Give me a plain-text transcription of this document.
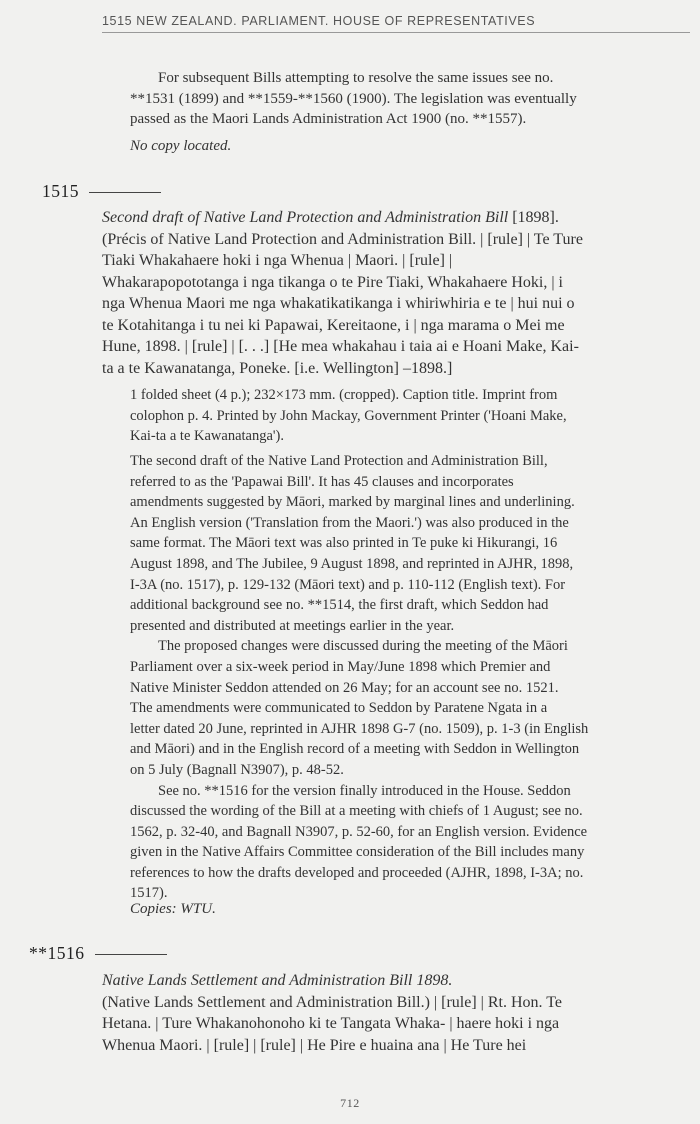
1515 NEW ZEALAND. PARLIAMENT. HOUSE OF REPRESENTATIVES
For subsequent Bills attempting to resolve the same issues see no.
**1531 (1899) and **1559-**1560 (1900). The legislation was eventually
passed as the Maori Lands Administration Act 1900 (no. **1557).
No copy located.
1515
Second draft of Native Land Protection and Administration Bill [1898].
(Précis of Native Land Protection and Administration Bill. | [rule] | Te Ture
Tiaki Whakahaere hoki i nga Whenua | Maori. | [rule] |
Whakarapopototanga i nga tikanga o te Pire Tiaki, Whakahaere Hoki, | i
nga Whenua Maori me nga whakatikatikanga i whiriwhiria e te | hui nui o
te Kotahitanga i tu nei ki Papawai, Kereitaone, i | nga marama o Mei me
Hune, 1898. | [rule] | [. . .] [He mea whakahau i taia ai e Hoani Make, Kai-
ta a te Kawanatanga, Poneke. [i.e. Wellington] –1898.]

1 folded sheet (4 p.); 232×173 mm. (cropped). Caption title. Imprint from

colophon p. 4. Printed by John Mackay, Government Printer ('Hoani Make,

Kai-ta a te Kawanatanga').

The second draft of the Native Land Protection and Administration Bill,

referred to as the 'Papawai Bill'. It has 45 clauses and incorporates

amendments suggested by Māori, marked by marginal lines and underlining.

An English version ('Translation from the Maori.') was also produced in the

same format. The Māori text was also printed in Te puke ki Hikurangi, 16

August 1898, and The Jubilee, 9 August 1898, and reprinted in AJHR, 1898,

I-3A (no. 1517), p. 129-132 (Māori text) and p. 110-112 (English text). For

additional background see no. **1514, the first draft, which Seddon had

presented and distributed at meetings earlier in the year.

The proposed changes were discussed during the meeting of the Māori

Parliament over a six-week period in May/June 1898 which Premier and

Native Minister Seddon attended on 26 May; for an account see no. 1521.

The amendments were communicated to Seddon by Paratene Ngata in a

letter dated 20 June, reprinted in AJHR 1898 G-7 (no. 1509), p. 1-3 (in English

and Māori) and in the English record of a meeting with Seddon in Wellington

on 5 July (Bagnall N3907), p. 48-52.

See no. **1516 for the version finally introduced in the House. Seddon

discussed the wording of the Bill at a meeting with chiefs of 1 August; see no.

1562, p. 32-40, and Bagnall N3907, p. 52-60, for an English version. Evidence

given in the Native Affairs Committee consideration of the Bill includes many

references to how the drafts developed and proceeded (AJHR, 1898, I-3A; no.

1517).

Copies: WTU.
**1516
Native Lands Settlement and Administration Bill 1898.
(Native Lands Settlement and Administration Bill.) | [rule] | Rt. Hon. Te
Hetana. | Ture Whakanohonoho ki te Tangata Whaka- | haere hoki i nga
Whenua Maori. | [rule] | [rule] | He Pire e huaina ana | He Ture hei
712
